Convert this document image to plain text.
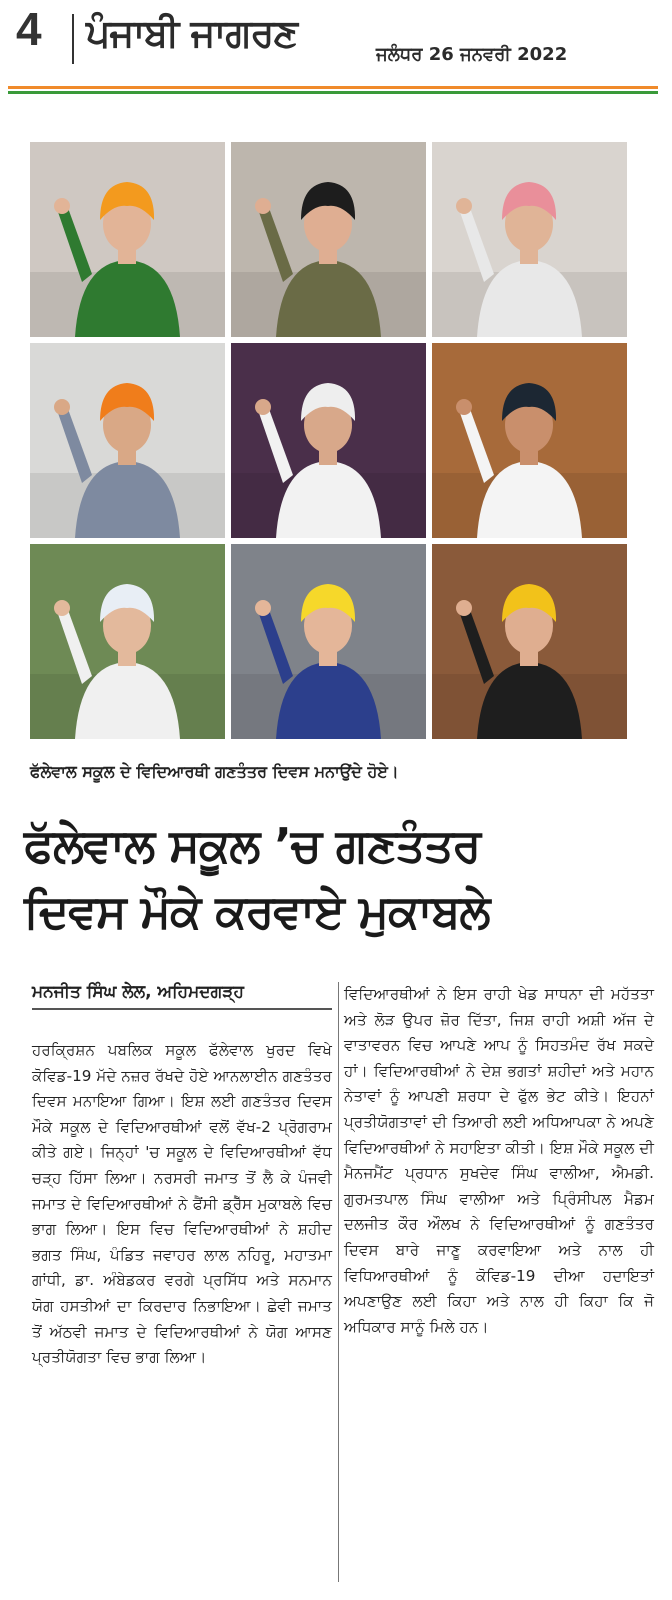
4 ਪੰਜਾਬੀ ਜਾਗਰਣ	ਜਲੰਧਰ 26 ਜਨਵਰੀ 2022
ਫੱਲੇਵਾਲ ਸਕੂਲ ਦੇ ਵਿਦਿਆਰਥੀ ਗਣਤੰਤਰ ਦਿਵਸ ਮਨਾਉਂਦੇ ਹੋਏ।
ਫੱਲੇਵਾਲ ਸਕੂਲ ’ਚ ਗਣਤੰਤਰ
ਦਿਵਸ ਮੌਕੇ ਕਰਵਾਏ ਮੁਕਾਬਲੇ
ਮਨਜੀਤ ਸਿੰਘ ਲੇਲ, ਅਹਿਮਦਗੜ੍ਹ
ਹਰਕ੍ਰਿਸ਼ਨ ਪਬਲਿਕ ਸਕੂਲ ਫੱਲੇਵਾਲ ਖੁਰਦ ਵਿਖੇ ਕੋਵਿਡ-19 ਮੱਦੇ ਨਜ਼ਰ ਰੱਖਦੇ ਹੋਏ ਆਨਲਾਈਨ ਗਣਤੰਤਰ ਦਿਵਸ ਮਨਾਇਆ ਗਿਆ। ਇਸ਼ ਲਈ ਗਣਤੰਤਰ ਦਿਵਸ ਮੌਕੇ ਸਕੂਲ ਦੇ ਵਿਦਿਆਰਥੀਆਂ ਵਲੋਂ ਵੱਖ-2 ਪ੍ਰੋਗਰਾਮ ਕੀਤੇ ਗਏ। ਜਿਨ੍ਹਾਂ 'ਚ ਸਕੂਲ ਦੇ ਵਿਦਿਆਰਥੀਆਂ ਵੱਧ ਚੜ੍ਹ ਹਿੱਸਾ ਲਿਆ। ਨਰਸਰੀ ਜਮਾਤ ਤੋਂ ਲੈ ਕੇ ਪੰਜਵੀ ਜਮਾਤ ਦੇ ਵਿਦਿਆਰਥੀਆਂ ਨੇ ਫੈਂਸੀ ਡ੍ਰੈੱਸ ਮੁਕਾਬਲੇ ਵਿਚ ਭਾਗ ਲਿਆ। ਇਸ ਵਿਚ ਵਿਦਿਆਰਥੀਆਂ ਨੇ ਸ਼ਹੀਦ ਭਗਤ ਸਿੰਘ, ਪੰਡਿਤ ਜਵਾਹਰ ਲਾਲ ਨਹਿਰੂ, ਮਹਾਤਮਾ ਗਾਂਧੀ, ਡਾ. ਅੰਬੇਡਕਰ ਵਰਗੇ ਪ੍ਰਸਿੱਧ ਅਤੇ ਸਨਮਾਨ ਯੋਗ ਹਸਤੀਆਂ ਦਾ ਕਿਰਦਾਰ ਨਿਭਾਇਆ। ਛੇਵੀ ਜਮਾਤ ਤੋਂ ਅੱਠਵੀ ਜਮਾਤ ਦੇ ਵਿਦਿਆਰਥੀਆਂ ਨੇ ਯੋਗ ਆਸਣ ਪ੍ਰਤੀਯੋਗਤਾ ਵਿਚ ਭਾਗ ਲਿਆ।
ਵਿਦਿਆਰਥੀਆਂ ਨੇ ਇਸ ਰਾਹੀ ਖੇਡ ਸਾਧਨਾ ਦੀ ਮਹੱਤਤਾ ਅਤੇ ਲੋੜ ਉਪਰ ਜ਼ੋਰ ਦਿੱਤਾ, ਜਿਸ਼ ਰਾਹੀ ਅਸ਼ੀ ਅੱਜ ਦੇ ਵਾਤਾਵਰਨ ਵਿਚ ਆਪਣੇ ਆਪ ਨੂੰ ਸਿਹਤਮੰਦ ਰੱਖ ਸਕਦੇ ਹਾਂ। ਵਿਦਿਆਰਥੀਆਂ ਨੇ ਦੇਸ਼ ਭਗਤਾਂ ਸ਼ਹੀਦਾਂ ਅਤੇ ਮਹਾਨ ਨੇਤਾਵਾਂ ਨੂੰ ਆਪਣੀ ਸ਼ਰਧਾ ਦੇ ਫੁੱਲ ਭੇਟ ਕੀਤੇ। ਇਹਨਾਂ ਪ੍ਰਤੀਯੋਗਤਾਵਾਂ ਦੀ ਤਿਆਰੀ ਲਈ ਅਧਿਆਪਕਾ ਨੇ ਅਪਣੇ ਵਿਦਿਆਰਥੀਆਂ ਨੇ ਸਹਾਇਤਾ ਕੀਤੀ। ਇਸ਼ ਮੌਕੇ ਸਕੂਲ ਦੀ ਮੈਨਜਮੈਂਟ ਪ੍ਰਧਾਨ ਸੁਖਦੇਵ ਸਿੰਘ ਵਾਲੀਆ, ਐਮਡੀ. ਗੁਰਮਤਪਾਲ ਸਿੰਘ ਵਾਲੀਆ ਅਤੇ ਪ੍ਰਿੰਸੀਪਲ ਮੈਡਮ ਦਲਜੀਤ ਕੌਰ ਔਲਖ ਨੇ ਵਿਦਿਆਰਥੀਆਂ ਨੂੰ ਗਣਤੰਤਰ ਦਿਵਸ ਬਾਰੇ ਜਾਣੂ ਕਰਵਾਇਆ ਅਤੇ ਨਾਲ ਹੀ ਵਿਧਿਆਰਥੀਆਂ ਨੂੰ ਕੋਵਿਡ-19 ਦੀਆ ਹਦਾਇਤਾਂ ਅਪਣਾਉਣ ਲਈ ਕਿਹਾ ਅਤੇ ਨਾਲ ਹੀ ਕਿਹਾ ਕਿ ਜੋ ਅਧਿਕਾਰ ਸਾਨੂੰ ਮਿਲੇ ਹਨ।
